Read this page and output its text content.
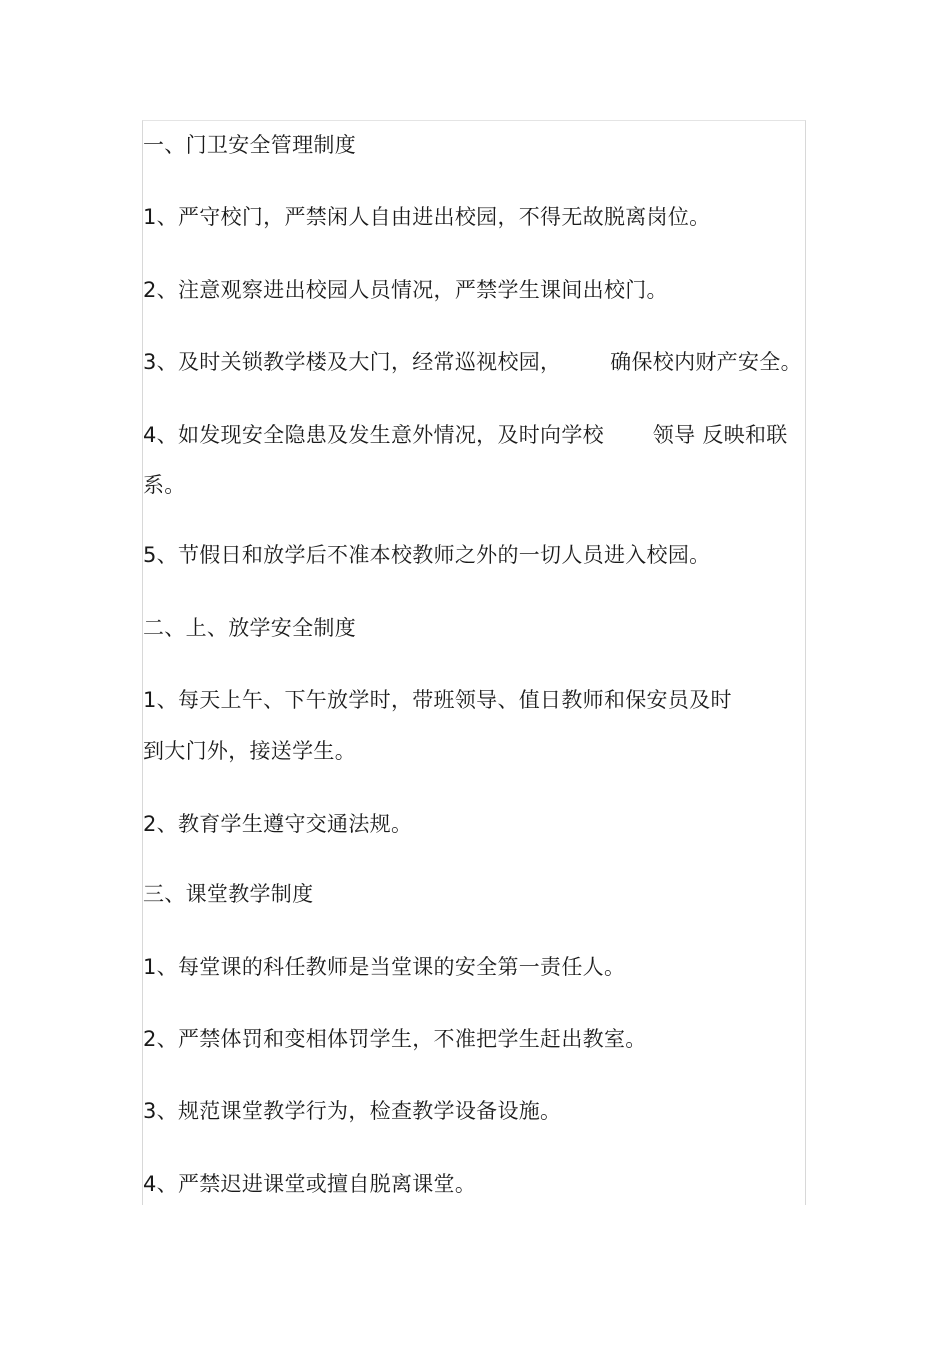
一、门卫安全管理制度
1、严守校门，严禁闲人自由进出校园，不得无故脱离岗位。
2、注意观察进出校园人员情况，严禁学生课间出校门。
3、及时关锁教学楼及大门，经常巡视校园，       确保校内财产安全。
4、如发现安全隐患及发生意外情况，及时向学校       领导 反映和联
系。
5、节假日和放学后不准本校教师之外的一切人员进入校园。
二、上、放学安全制度
1、每天上午、下午放学时，带班领导、值日教师和保安员及时
到大门外，接送学生。
2、教育学生遵守交通法规。
三、课堂教学制度
1、每堂课的科任教师是当堂课的安全第一责任人。
2、严禁体罚和变相体罚学生，不准把学生赶出教室。
3、规范课堂教学行为，检查教学设备设施。
4、严禁迟进课堂或擅自脱离课堂。
